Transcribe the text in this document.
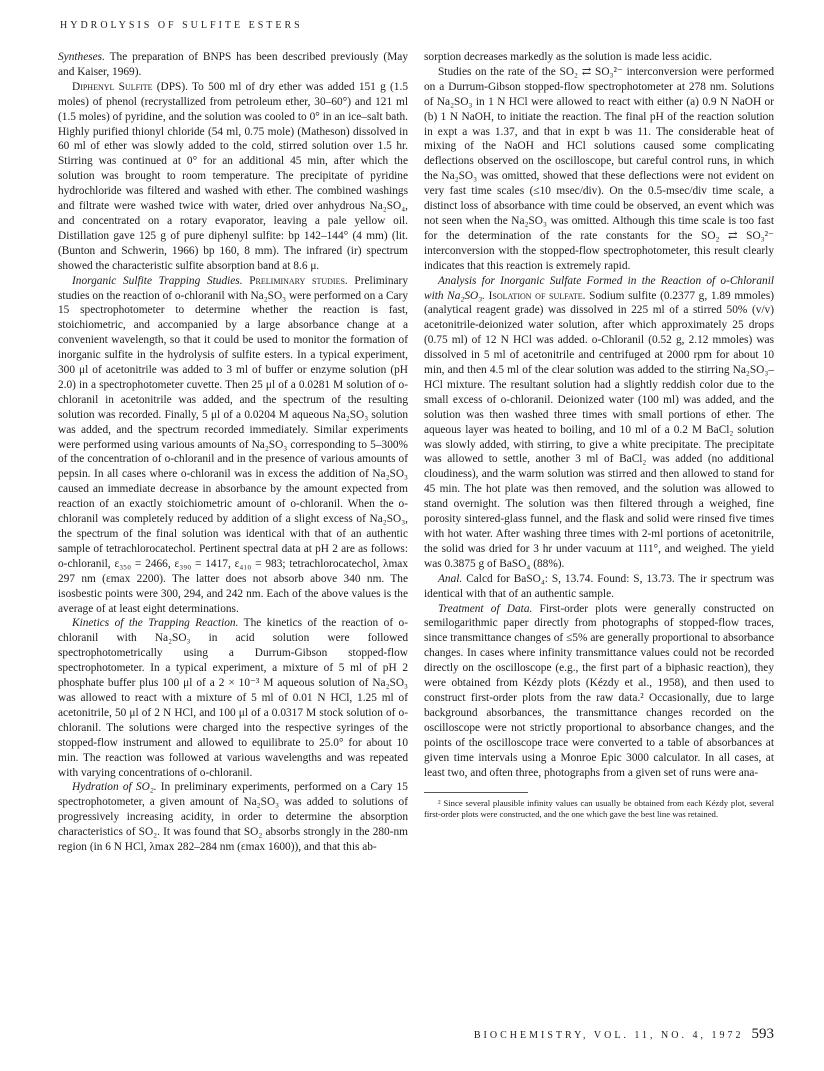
HYDROLYSIS OF SULFITE ESTERS

Syntheses. The preparation of BNPS has been described previously (May and Kaiser, 1969).

Diphenyl Sulfite (DPS). To 500 ml of dry ether was added 151 g (1.5 moles) of phenol (recrystallized from petroleum ether, 30–60°) and 121 ml (1.5 moles) of pyridine, and the solution was cooled to 0° in an ice–salt bath. Highly purified thionyl chloride (54 ml, 0.75 mole) (Matheson) dissolved in 60 ml of ether was slowly added to the cold, stirred solution over 1.5 hr. Stirring was continued at 0° for an additional 45 min, after which the solution was brought to room temperature. The precipitate of pyridine hydrochloride was filtered and washed with ether. The combined washings and filtrate were washed twice with water, dried over anhydrous Na₂SO₄, and concentrated on a rotary evaporator, leaving a pale yellow oil. Distillation gave 125 g of pure diphenyl sulfite: bp 142–144° (4 mm) (lit. (Bunton and Schwerin, 1966) bp 160, 8 mm). The infrared (ir) spectrum showed the characteristic sulfite absorption band at 8.6 μ.

Inorganic Sulfite Trapping Studies. Preliminary studies. Preliminary studies on the reaction of o-chloranil with Na₂SO₃ were performed on a Cary 15 spectrophotometer to determine whether the reaction is fast, stoichiometric, and accompanied by a large absorbance change at a convenient wavelength, so that it could be used to monitor the formation of inorganic sulfite in the hydrolysis of sulfite esters. In a typical experiment, 300 μl of acetonitrile was added to 3 ml of buffer or enzyme solution (pH 2.0) in a spectrophotometer cuvette. Then 25 μl of a 0.0281 M solution of o-chloranil in acetonitrile was added, and the spectrum of the resulting solution was recorded. Finally, 5 μl of a 0.0204 M aqueous Na₂SO₃ solution was added, and the spectrum recorded immediately. Similar experiments were performed using various amounts of Na₂SO₃ corresponding to 5–300% of the concentration of o-chloranil and in the presence of various amounts of pepsin. In all cases where o-chloranil was in excess the addition of Na₂SO₃ caused an immediate decrease in absorbance by the amount expected from reaction of an exactly stoichiometric amount of o-chloranil. When the o-chloranil was completely reduced by addition of a slight excess of Na₂SO₃, the spectrum of the final solution was identical with that of an authentic sample of tetrachlorocatechol. Pertinent spectral data at pH 2 are as follows: o-chloranil, ε₃₅₀ = 2466, ε₃₉₀ = 1417, ε₄₁₀ = 983; tetrachlorocatechol, λmax 297 nm (εmax 2200). The latter does not absorb above 340 nm. The isosbestic points were 300, 294, and 242 nm. Each of the above values is the average of at least eight determinations.

Kinetics of the Trapping Reaction. The kinetics of the reaction of o-chloranil with Na₂SO₃ in acid solution were followed spectrophotometrically using a Durrum-Gibson stopped-flow spectrophotometer. In a typical experiment, a mixture of 5 ml of pH 2 phosphate buffer plus 100 μl of a 2 × 10⁻³ M aqueous solution of Na₂SO₃ was allowed to react with a mixture of 5 ml of 0.01 N HCl, 1.25 ml of acetonitrile, 50 μl of 2 N HCl, and 100 μl of a 0.0317 M stock solution of o-chloranil. The solutions were charged into the respective syringes of the stopped-flow instrument and allowed to equilibrate to 25.0° for about 10 min. The reaction was followed at various wavelengths and was repeated with varying concentrations of o-chloranil.

Hydration of SO₂. In preliminary experiments, performed on a Cary 15 spectrophotometer, a given amount of Na₂SO₃ was added to solutions of progressively increasing acidity, in order to determine the absorption characteristics of SO₂. It was found that SO₂ absorbs strongly in the 280-nm region (in 6 N HCl, λmax 282–284 nm (εmax 1600)), and that this ab-

sorption decreases markedly as the solution is made less acidic.

Studies on the rate of the SO₂ ⇄ SO₃²⁻ interconversion were performed on a Durrum-Gibson stopped-flow spectrophotometer at 278 nm. Solutions of Na₂SO₃ in 1 N HCl were allowed to react with either (a) 0.9 N NaOH or (b) 1 N NaOH, to initiate the reaction. The final pH of the reaction solution in expt a was 1.37, and that in expt b was 11. The considerable heat of mixing of the NaOH and HCl solutions caused some complicating deflections observed on the oscilloscope, but careful control runs, in which the Na₂SO₃ was omitted, showed that these deflections were not evident on very fast time scales (≤10 msec/div). On the 0.5-msec/div time scale, a distinct loss of absorbance with time could be observed, an event which was not seen when the Na₂SO₃ was omitted. Although this time scale is too fast for the determination of the rate constants for the SO₂ ⇄ SO₃²⁻ interconversion with the stopped-flow spectrophotometer, this result clearly indicates that this reaction is extremely rapid.

Analysis for Inorganic Sulfate Formed in the Reaction of o-Chloranil with Na₂SO₃. Isolation of sulfate. Sodium sulfite (0.2377 g, 1.89 mmoles) (analytical reagent grade) was dissolved in 225 ml of a stirred 50% (v/v) acetonitrile-deionized water solution, after which approximately 25 drops (0.75 ml) of 12 N HCl was added. o-Chloranil (0.52 g, 2.12 mmoles) was dissolved in 5 ml of acetonitrile and centrifuged at 2000 rpm for about 10 min, and then 4.5 ml of the clear solution was added to the stirring Na₂SO₃–HCl mixture. The resultant solution had a slightly reddish color due to the small excess of o-chloranil. Deionized water (100 ml) was added, and the solution was then washed three times with small portions of ether. The aqueous layer was heated to boiling, and 10 ml of a 0.2 M BaCl₂ solution was slowly added, with stirring, to give a white precipitate. The precipitate was allowed to settle, another 3 ml of BaCl₂ was added (no additional cloudiness), and the warm solution was stirred and then allowed to stand for 45 min. The hot plate was then removed, and the solution was allowed to stand overnight. The solution was then filtered through a weighed, fine porosity sintered-glass funnel, and the flask and solid were rinsed five times with hot water. After washing three times with 2-ml portions of acetonitrile, the solid was dried for 3 hr under vacuum at 111°, and weighed. The yield was 0.3875 g of BaSO₄ (88%).

Anal. Calcd for BaSO₄: S, 13.74. Found: S, 13.73. The ir spectrum was identical with that of an authentic sample.

Treatment of Data. First-order plots were generally constructed on semilogarithmic paper directly from photographs of stopped-flow traces, since transmittance changes of ≤5% are generally proportional to absorbance changes. In cases where infinity transmittance values could not be recorded directly on the oscilloscope (e.g., the first part of a biphasic reaction), they were obtained from Kézdy plots (Kézdy et al., 1958), and then used to construct first-order plots from the raw data.² Occasionally, due to large background absorbances, the transmittance changes recorded on the oscilloscope were not strictly proportional to absorbance changes, and the points of the oscilloscope trace were converted to a table of absorbances at given time intervals using a Monroe Epic 3000 calculator. In all cases, at least two, and often three, photographs from a given set of runs were ana-

² Since several plausible infinity values can usually be obtained from each Kézdy plot, several first-order plots were constructed, and the one which gave the best line was retained.

BIOCHEMISTRY, VOL. 11, NO. 4, 1972 593
